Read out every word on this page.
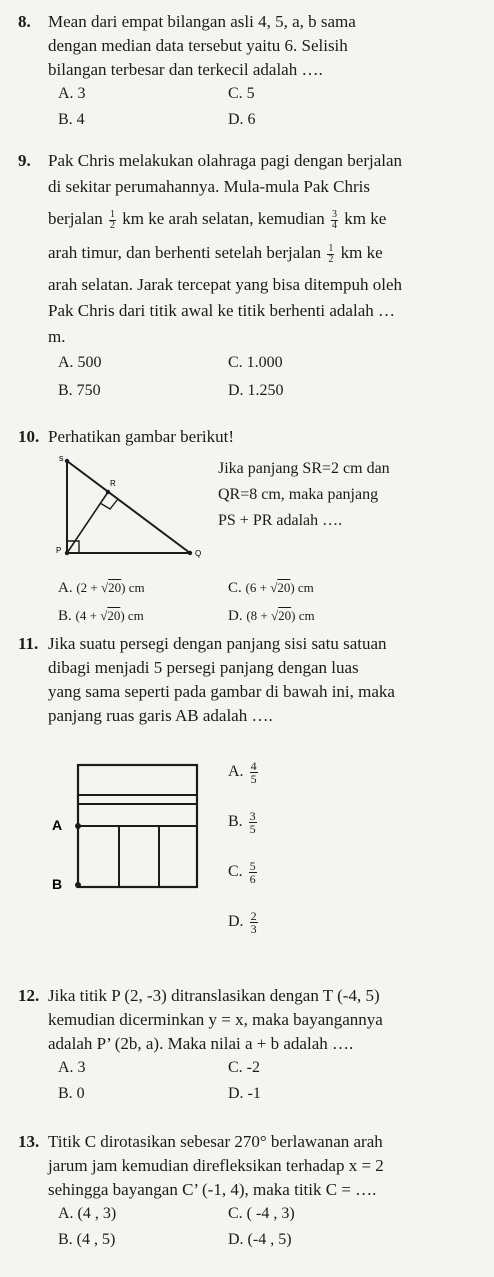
8. Mean dari empat bilangan asli 4, 5, a, b sama
dengan median data tersebut yaitu 6. Selisih
bilangan terbesar dan terkecil adalah ….
A. 3	C. 5
B. 4	D. 6
9. Pak Chris melakukan olahraga pagi dengan berjalan
di sekitar perumahannya. Mula-mula Pak Chris
berjalan $\frac{1}{2}$ km ke arah selatan, kemudian $\frac{3}{4}$ km ke
arah timur, dan berhenti setelah berjalan $\frac{1}{2}$ km ke
arah selatan. Jarak tercepat yang bisa ditempuh oleh
Pak Chris dari titik awal ke titik berhenti adalah …
m.
A. 500	C. 1.000
B. 750	D. 1.250
10. Perhatikan gambar berikut!
s
R
P	Q
Jika panjang SR=2 cm dan
QR=8 cm, maka panjang
PS + PR adalah ….
A. (2 + √20) cm	C. (6 + √20) cm
B. (4 + √20) cm	D. (8 + √20) cm
11. Jika suatu persegi dengan panjang sisi satu satuan
dibagi menjadi 5 persegi panjang dengan luas
yang sama seperti pada gambar di bawah ini, maka
panjang ruas garis AB adalah ….
A
B
A. $\frac{4}{5}$
B. $\frac{3}{5}$
C. $\frac{5}{6}$
D. $\frac{2}{3}$
12. Jika titik P (2, -3) ditranslasikan dengan T (-4, 5)
kemudian dicerminkan y = x, maka bayangannya
adalah P’ (2b, a). Maka nilai a + b adalah ….
A. 3	C. -2
B. 0	D. -1
13. Titik C dirotasikan sebesar 270° berlawanan arah
jarum jam kemudian direfleksikan terhadap x = 2
sehingga bayangan C’ (-1, 4), maka titik C = ….
A. (4 , 3)	C. ( -4 , 3)
B. (4 , 5)	D. (-4 , 5)
